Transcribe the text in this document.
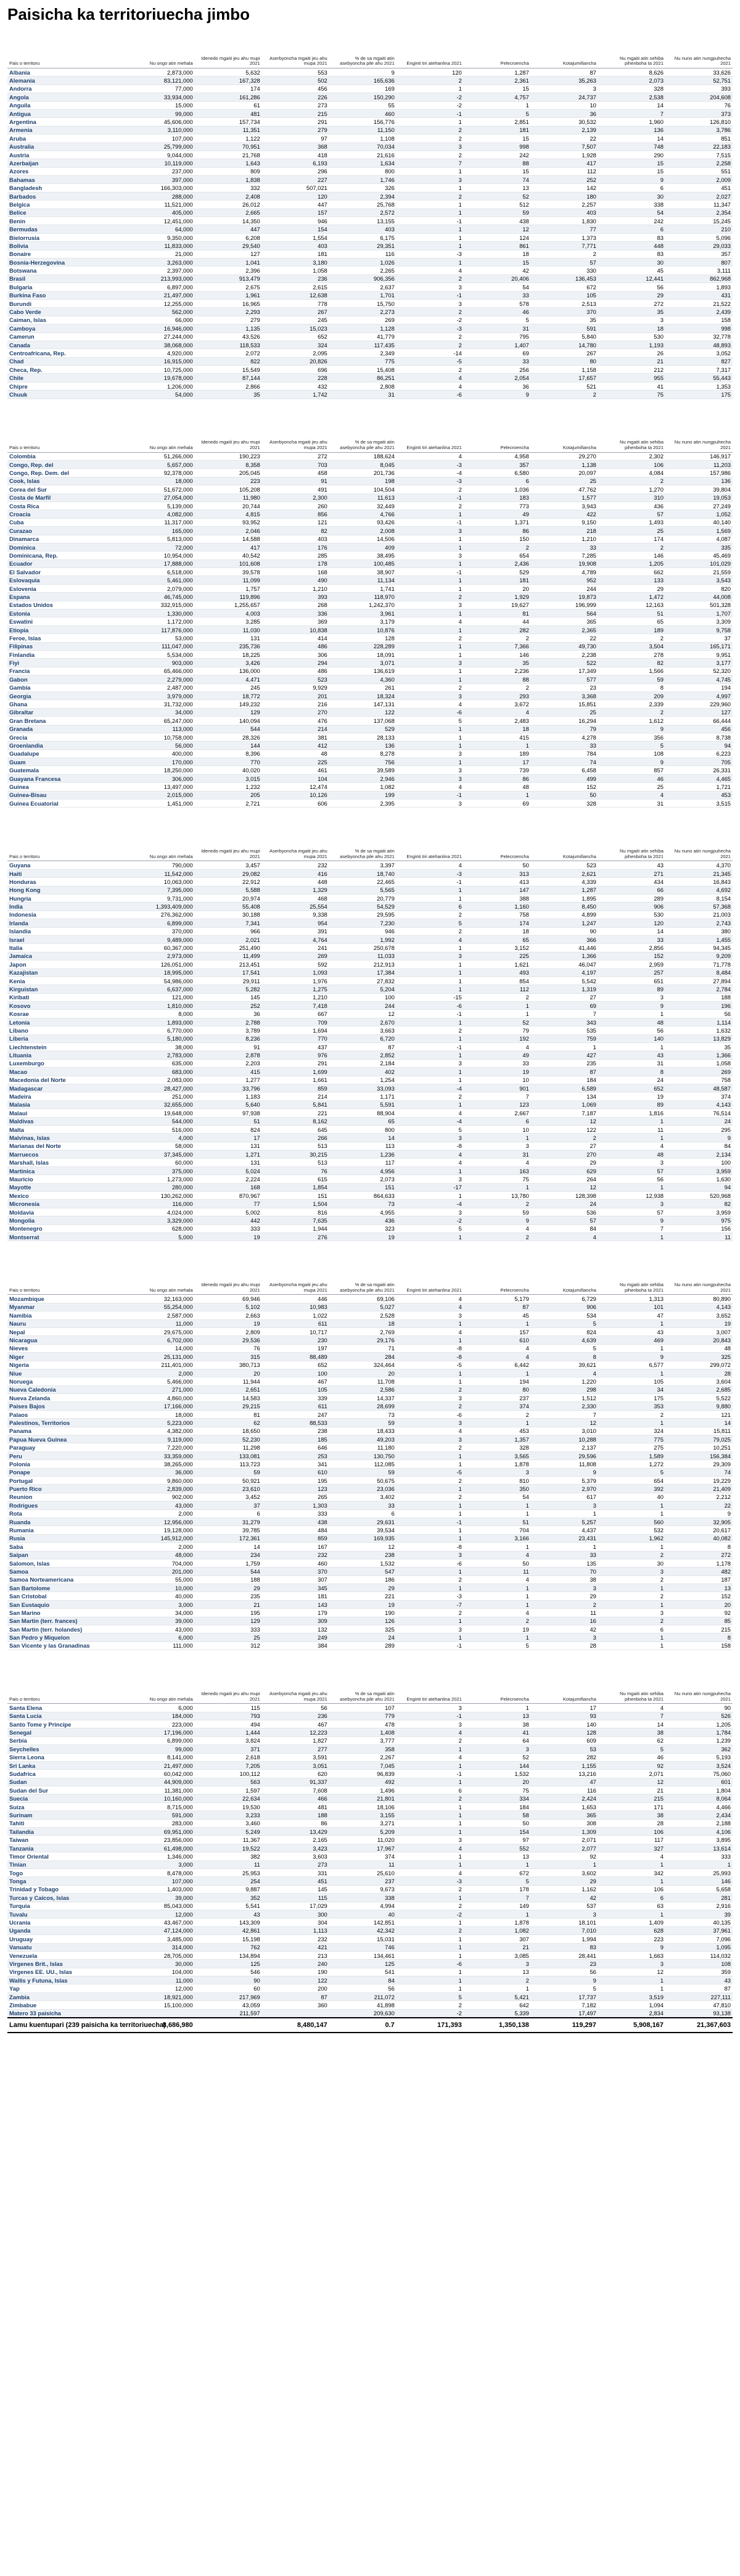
Paisicha ka territoriuecha jimbo
Pais o territoru	Nu ongo atin mehala	Idenedo mgaiti jeu ahu mupi 2021	Aserbyoncha mgaiti jeu ahu mupa 2021	% de sa mgaiti atin asebyoncha pile ahu 2021	Enginti tiri atehanlina 2021	Pelecroencha	Kotajumifiancha	Nu mgaiti atin sehiba pihenboha ta 2021	Nu nuno atin nungpuhecha 2021
Albania	2,873,000	5,632	553	9	120	1,287	87	8,626	33,626
Alemania	83,121,000	167,328	502	165,636	2	2,361	35,263	2,073	52,751
Andorra	77,000	174	456	169	1	15	3	328	393
Angola	33,934,000	161,286	226	150,290	-2	4,757	24,737	2,538	204,608
Anguila	15,000	61	273	55	-2	1	10	14	76
Antigua	99,000	481	215	460	-1	5	36	7	373
Argentina	45,606,000	157,734	291	156,776	1	2,851	30,532	1,960	126,810
Armenia	3,110,000	11,351	279	11,150	2	181	2,139	136	3,786
Aruba	107,000	1,122	97	1,108	2	15	22	14	851
Australia	25,799,000	70,951	368	70,034	3	998	7,507	748	22,183
Austria	9,044,000	21,768	418	21,616	2	242	1,928	290	7,515
Azerbaijan	10,119,000	1,643	6,193	1,634	7	88	417	15	2,258
Azores	237,000	809	296	800	1	15	112	15	551
Bahamas	397,000	1,838	227	1,746	3	74	252	9	2,009
Bangladesh	166,303,000	332	507,021	326	1	13	142	6	451
Barbados	288,000	2,408	120	2,394	2	52	180	30	2,027
Belgica	11,521,000	26,012	447	25,768	1	512	2,257	338	11,347
Belice	405,000	2,665	157	2,572	1	59	403	54	2,354
Benin	12,451,000	14,350	946	13,155	-1	438	1,830	242	15,245
Bermudas	64,000	447	154	403	1	12	77	6	210
Bielorrusia	9,350,000	6,208	1,554	6,175	1	124	1,373	83	5,096
Bolivia	11,833,000	29,540	403	29,351	1	861	7,771	448	29,033
Bonaire	21,000	127	181	116	-3	18	2	83	357
Bosnia-Herzegovina	3,263,000	1,041	3,180	1,026	1	15	57	30	807
Botswana	2,397,000	2,396	1,058	2,265	4	42	330	45	3,111
Brasil	213,993,000	913,479	236	906,356	2	20,406	136,453	12,441	862,968
Bulgaria	6,897,000	2,675	2,615	2,637	3	54	672	56	1,893
Burkina Faso	21,497,000	1,961	12,638	1,701	-1	33	105	29	431
Burundi	12,255,000	16,965	778	15,750	3	578	2,513	272	21,522
Cabo Verde	562,000	2,293	267	2,273	2	46	370	35	2,439
Caiman, Islas	66,000	279	245	269	-2	5	35	3	158
Camboya	16,946,000	1,135	15,023	1,128	-3	31	591	18	998
Camerun	27,244,000	43,526	652	41,779	2	795	5,840	530	32,778
Canada	38,068,000	118,533	324	117,435	2	1,407	14,780	1,193	48,893
Centroafricana, Rep.	4,920,000	2,072	2,095	2,349	-14	69	267	26	3,052
Chad	16,915,000	822	20,826	775	-5	33	80	21	827
Checa, Rep.	10,725,000	15,549	696	15,408	2	256	1,158	212	7,317
Chile	19,678,000	87,144	228	86,251	4	2,054	17,657	955	55,443
Chipre	1,206,000	2,866	432	2,808	4	36	521	41	1,353
Chuuk	54,000	35	1,742	31	-6	9	2	75	175
Pais o territoru	Nu ongo atin mehala	Idenedo mgaiti jeu ahu mupi 2021	Aserbyoncha mgaiti jeu ahu mupa 2021	% de sa mgaiti atin asebyoncha pile ahu 2021	Enginti tiri atehanlina 2021	Pelecroencha	Kotajumifiancha	Nu mgaiti atin sehiba pihenboha ta 2021	Nu nuno atin nungpuhecha 2021
Colombia	51,266,000	190,223	272	188,624	4	4,958	29,270	2,302	146,917
Congo, Rep. del	5,657,000	8,358	703	8,045	-3	357	1,138	106	11,203
Congo, Rep. Dem. del	92,378,000	205,045	458	201,736	-4	6,580	20,097	4,084	157,986
Cook, Islas	18,000	223	91	198	-3	6	25	2	136
Corea del Sur	51,672,000	105,208	491	104,504	2	1,036	47,762	1,270	39,804
Costa de Marfil	27,054,000	11,980	2,300	11,613	-1	183	1,577	310	19,053
Costa Rica	5,139,000	20,744	260	32,449	2	773	3,943	436	27,249
Croacia	4,082,000	4,815	856	4,766	1	49	422	57	1,052
Cuba	11,317,000	93,952	121	93,426	-1	1,371	9,150	1,493	40,140
Curazao	165,000	2,046	82	2,008	3	86	218	25	1,569
Dinamarca	5,813,000	14,588	403	14,506	1	150	1,210	174	4,087
Dominica	72,000	417	176	409	1	2	33	2	335
Dominicana, Rep.	10,954,000	40,542	285	38,495	3	654	7,285	146	45,469
Ecuador	17,888,000	101,608	178	100,485	1	2,436	19,908	1,205	101,029
El Salvador	6,518,000	39,578	168	38,907	-1	529	4,789	662	21,559
Eslovaquia	5,461,000	11,099	490	11,134	1	181	952	133	3,543
Eslovenia	2,079,000	1,757	1,210	1,741	1	20	244	29	820
Espana	46,745,000	119,896	393	118,970	2	1,929	19,873	1,472	44,008
Estados Unidos	332,915,000	1,255,657	268	1,242,370	3	19,627	196,999	12,163	501,328
Estonia	1,330,000	4,003	336	3,961	1	81	564	51	1,707
Eswatini	1,172,000	3,285	369	3,179	4	44	365	65	3,309
Etiopia	117,876,000	11,030	10,838	10,876	1	282	2,365	189	9,758
Feroe, Islas	53,000	131	414	128	2	2	22	2	37
Filipinas	111,047,000	235,736	486	228,289	1	7,366	49,730	3,504	165,171
Finlandia	5,534,000	18,225	306	18,091	1	146	2,238	278	9,951
Fiyi	903,000	3,426	294	3,071	3	35	522	82	3,177
Francia	65,466,000	136,000	486	136,619	1	2,236	17,349	1,566	52,320
Gabon	2,279,000	4,471	523	4,360	1	88	577	59	4,745
Gambia	2,487,000	245	9,929	261	2	2	23	8	194
Georgia	3,979,000	18,772	201	18,324	3	293	3,368	209	4,997
Ghana	31,732,000	149,232	216	147,131	4	3,672	15,851	2,339	229,960
Gibraltar	34,000	129	270	122	-6	4	25	2	127
Gran Bretana	65,247,000	140,094	476	137,068	5	2,483	16,294	1,612	66,444
Granada	113,000	544	214	529	1	18	79	9	456
Grecia	10,758,000	28,326	381	28,133	1	415	4,278	356	8,738
Groenlandia	56,000	144	412	136	1	1	33	5	94
Guadalupe	400,000	8,396	48	8,278	3	189	784	108	6,223
Guam	170,000	770	225	756	1	17	74	9	705
Guatemala	18,250,000	40,020	461	39,589	3	739	6,458	857	26,331
Guayana Francesa	306,000	3,015	104	2,946	3	86	499	46	4,465
Guinea	13,497,000	1,232	12,474	1,082	4	48	152	25	1,721
Guinea-Bisau	2,015,000	205	10,126	199	-1	1	50	4	453
Guinea Ecuatorial	1,451,000	2,721	606	2,395	3	69	328	31	3,515
Pais o territoru	Nu ongo atin mehala	Idenedo mgaiti jeu ahu mupi 2021	Aserbyoncha mgaiti jeu ahu mupa 2021	% de sa mgaiti atin asebyoncha pile ahu 2021	Enginti tiri atehanlina 2021	Pelecroencha	Kotajumifiancha	Nu mgaiti atin sehiba pihenboha ta 2021	Nu nuno atin nungpuhecha 2021
Guyana	790,000	3,457	232	3,397	4	50	523	43	4,370
Haiti	11,542,000	29,082	416	18,740	-3	313	2,621	271	21,345
Honduras	10,063,000	22,912	448	22,465	-1	413	4,339	434	16,843
Hong Kong	7,395,000	5,588	1,329	5,565	1	147	1,287	66	4,692
Hungria	9,731,000	20,974	468	20,779	1	388	1,895	289	8,154
India	1,393,409,000	55,408	25,554	54,529	6	1,160	8,450	906	57,368
Indonesia	276,362,000	30,188	9,338	29,595	2	758	4,899	530	21,003
Irlanda	6,899,000	7,341	954	7,230	5	174	1,247	120	2,743
Islandia	370,000	966	391	946	2	18	90	14	380
Israel	9,489,000	2,021	4,764	1,992	4	65	366	33	1,455
Italia	60,367,000	251,490	241	250,678	1	3,152	41,446	2,856	94,345
Jamaica	2,973,000	11,499	269	11,033	3	225	1,366	152	9,209
Japon	126,051,000	213,451	592	212,913	1	1,621	46,047	2,959	71,778
Kazajistan	18,995,000	17,541	1,093	17,384	1	493	4,197	257	8,484
Kenia	54,986,000	29,911	1,976	27,832	1	854	5,542	651	27,894
Kirguistan	6,637,000	5,282	1,275	5,204	1	112	1,319	89	2,784
Kiribati	121,000	145	1,210	100	-15	2	27	3	188
Kosovo	1,810,000	252	7,418	244	-6	1	69	9	196
Kosrae	8,000	36	667	12	-1	1	7	1	56
Letonia	1,893,000	2,788	709	2,670	1	52	343	48	1,114
Libano	6,770,000	3,789	1,694	3,663	2	79	535	56	1,632
Liberia	5,180,000	8,236	770	6,720	1	192	759	140	13,829
Liechtenstein	38,000	91	437	87	-1	4	1	1	35
Lituania	2,783,000	2,878	976	2,852	1	49	427	43	1,366
Luxemburgo	635,000	2,203	291	2,184	3	33	235	31	1,058
Macao	683,000	415	1,699	402	1	19	87	8	269
Macedonia del Norte	2,083,000	1,277	1,661	1,254	1	10	184	24	758
Madagascar	28,427,000	33,796	859	33,093	-4	901	6,589	652	48,587
Madeira	251,000	1,183	214	1,171	2	7	134	19	374
Malasia	32,655,000	5,640	5,841	5,591	1	123	1,069	89	4,143
Malaui	19,648,000	97,938	221	88,904	4	2,667	7,187	1,816	76,514
Maldivas	544,000	51	8,162	65	-4	6	12	1	24
Malta	516,000	824	645	800	5	10	122	11	295
Malvinas, Islas	4,000	17	266	14	3	1	2	1	9
Marianas del Norte	58,000	131	513	113	-8	3	27	4	84
Marruecos	37,345,000	1,271	30,215	1,236	4	31	270	48	2,134
Marshall, Islas	60,000	131	513	117	4	4	29	3	100
Martinica	375,000	5,024	76	4,956	1	163	629	57	3,959
Mauricio	1,273,000	2,224	615	2,073	3	75	264	56	1,630
Mayotte	280,000	168	1,854	151	-17	1	12	1	94
Mexico	130,262,000	870,967	151	864,633	1	13,780	128,398	12,938	520,968
Micronesia	116,000	77	1,504	73	-4	2	24	3	82
Moldavia	4,024,000	5,002	816	4,955	3	59	536	57	3,959
Mongolia	3,329,000	442	7,635	436	-2	9	57	9	975
Montenegro	628,000	333	1,944	323	5	4	84	7	156
Montserrat	5,000	19	276	19	1	2	4	1	11
Pais o territoru	Nu ongo atin mehala	Idenedo mgaiti jeu ahu mupi 2021	Aserbyoncha mgaiti jeu ahu mupa 2021	% de sa mgaiti atin asebyoncha pile ahu 2021	Enginti tiri atehanlina 2021	Pelecroencha	Kotajumifiancha	Nu mgaiti atin sehiba pihenboha ta 2021	Nu nuno atin nungpuhecha 2021
Mozambique	32,163,000	69,946	446	69,106	4	5,179	6,729	1,313	80,890
Myanmar	55,254,000	5,102	10,983	5,027	4	87	906	101	4,143
Namibia	2,587,000	2,663	1,022	2,528	3	45	534	47	3,652
Nauru	11,000	19	611	18	1	1	5	1	19
Nepal	29,675,000	2,809	10,717	2,769	4	157	824	43	3,007
Nicaragua	6,702,000	29,536	230	29,176	1	610	4,639	469	20,843
Nieves	14,000	76	197	71	-8	4	5	1	48
Niger	25,131,000	315	88,489	284	-8	4	8	9	325
Nigeria	211,401,000	380,713	652	324,464	-5	6,442	39,621	6,577	299,072
Niue	2,000	20	100	20	1	1	4	1	28
Noruega	5,466,000	11,944	467	11,708	1	194	1,220	105	3,604
Nueva Caledonia	271,000	2,651	105	2,586	2	80	298	34	2,685
Nueva Zelanda	4,860,000	14,583	339	14,337	3	237	1,512	175	5,522
Paises Bajos	17,166,000	29,215	611	28,699	2	374	2,330	353	9,880
Palaos	18,000	81	247	73	-6	2	7	2	121
Palestinos, Territorios	5,223,000	62	88,533	59	3	1	12	1	14
Panama	4,382,000	18,650	238	18,433	4	453	3,010	324	15,811
Papua Nueva Guinea	9,119,000	52,230	185	49,203	3	1,357	10,288	775	79,025
Paraguay	7,220,000	11,298	646	11,180	2	328	2,137	275	10,251
Peru	33,359,000	133,081	253	130,750	1	3,565	29,596	1,589	156,384
Polonia	38,265,000	113,723	341	112,085	1	1,878	11,808	1,272	29,309
Ponape	36,000	59	610	59	-5	3	9	5	74
Portugal	9,860,000	50,921	195	50,675	2	810	5,379	654	19,229
Puerto Rico	2,839,000	23,610	123	23,036	1	350	2,970	392	21,409
Reunion	902,000	3,452	265	3,402	2	54	617	40	2,212
Rodrigues	43,000	37	1,303	33	1	1	3	1	22
Rota	2,000	6	333	6	1	1	1	1	9
Ruanda	12,956,000	31,279	438	29,631	-1	51	5,257	560	32,905
Rumania	19,128,000	39,785	484	39,534	1	704	4,437	532	20,617
Rusia	145,912,000	172,361	859	169,935	1	3,166	23,431	1,962	40,082
Saba	2,000	14	167	12	-8	1	1	1	8
Saipan	48,000	234	232	238	3	4	33	2	272
Salomon, Islas	704,000	1,759	460	1,532	-6	50	135	30	1,178
Samoa	201,000	544	370	547	1	11	70	3	482
Samoa Norteamericana	55,000	188	307	186	2	4	38	2	187
San Bartolome	10,000	29	345	29	1	1	3	1	13
San Cristobal	40,000	235	181	221	-3	1	29	2	152
San Eustaquio	3,000	21	143	19	-7	1	2	1	20
San Marino	34,000	195	179	190	2	4	11	3	92
San Martin (terr. frances)	39,000	129	309	126	1	2	16	2	85
San Martin (terr. holandes)	43,000	333	132	325	3	19	42	6	215
San Pedro y Miquelon	6,000	25	249	24	1	1	3	1	8
San Vicente y las Granadinas	111,000	312	384	289	-1	5	28	1	158
Pais o territoru	Nu ongo atin mehala	Idenedo mgaiti jeu ahu mupi 2021	Aserbyoncha mgaiti jeu ahu mupa 2021	% de sa mgaiti atin asebyoncha pile ahu 2021	Enginti tiri atehanlina 2021	Pelecroencha	Kotajumifiancha	Nu mgaiti atin sehiba pihenboha ta 2021	Nu nuno atin nungpuhecha 2021
Santa Elena	6,000	115	56	107	3	1	17	4	90
Santa Lucia	184,000	793	236	779	-1	13	93	7	526
Santo Tome y Principe	223,000	494	467	478	3	38	140	14	1,205
Senegal	17,196,000	1,444	12,223	1,408	4	41	128	38	1,784
Serbia	6,899,000	3,824	1,827	3,777	2	64	609	62	1,239
Seychelles	99,000	371	277	358	1	3	53	5	362
Sierra Leona	8,141,000	2,618	3,591	2,267	4	52	282	46	5,193
Sri Lanka	21,497,000	7,205	3,051	7,045	1	144	1,155	92	3,524
Sudafrica	60,042,000	100,112	620	96,839	-1	1,532	13,216	2,071	75,060
Sudan	44,909,000	563	91,337	492	1	20	47	12	601
Sudan del Sur	11,381,000	1,597	7,608	1,496	6	75	116	21	1,804
Suecia	10,160,000	22,634	466	21,801	2	334	2,424	215	8,064
Suiza	8,715,000	19,530	481	18,106	1	184	1,653	171	4,466
Surinam	591,000	3,233	188	3,155	1	58	365	38	2,434
Tahiti	283,000	3,460	86	3,271	1	50	308	28	2,188
Tailandia	69,951,000	5,249	13,429	5,209	1	154	1,309	106	4,106
Taiwan	23,856,000	11,367	2,165	11,020	3	97	2,071	117	3,895
Tanzania	61,498,000	19,522	3,423	17,967	4	552	2,077	327	13,614
Timor Oriental	1,346,000	382	3,603	374	1	13	92	4	333
Tinian	3,000	11	273	11	1	1	1	1	1
Togo	8,478,000	25,953	331	25,610	4	672	3,602	342	25,993
Tonga	107,000	254	451	237	-3	5	29	1	146
Trinidad y Tobago	1,403,000	9,887	145	9,673	2	178	1,162	106	5,658
Turcas y Caicos, Islas	39,000	352	115	338	1	7	42	6	281
Turquia	85,043,000	5,541	17,029	4,994	2	149	537	63	2,916
Tuvalu	12,000	43	300	40	-2	1	3	1	39
Ucrania	43,467,000	143,309	304	142,851	1	1,878	18,101	1,409	40,135
Uganda	47,124,000	42,861	1,113	42,342	2	1,082	7,010	628	37,961
Uruguay	3,485,000	15,198	232	15,031	1	307	1,994	223	7,096
Vanuatu	314,000	762	421	746	1	21	83	9	1,095
Venezuela	28,705,000	134,894	213	134,461	1	3,085	28,441	1,663	114,032
Virgenes Brit., Islas	30,000	125	240	125	-6	3	23	3	108
Virgenes EE. UU., Islas	104,000	546	190	541	1	13	56	12	359
Wallis y Futuna, Islas	11,000	90	122	84	1	2	9	1	43
Yap	12,000	60	200	56	1	1	5	1	87
Zambia	18,921,000	217,969	87	211,072	5	5,421	17,737	3,519	227,111
Zimbabue	15,100,000	43,059	360	41,898	2	642	7,182	1,094	47,810
Matero 33 paisicha		211,597		209,630	-2	5,339	17,497	2,834	93,138
Lamu kuentupari (239 paisicha ka territoriuecha)	8,686,980		8,480,147	0.7	171,393	1,350,138	119,297	5,908,167	21,367,603
